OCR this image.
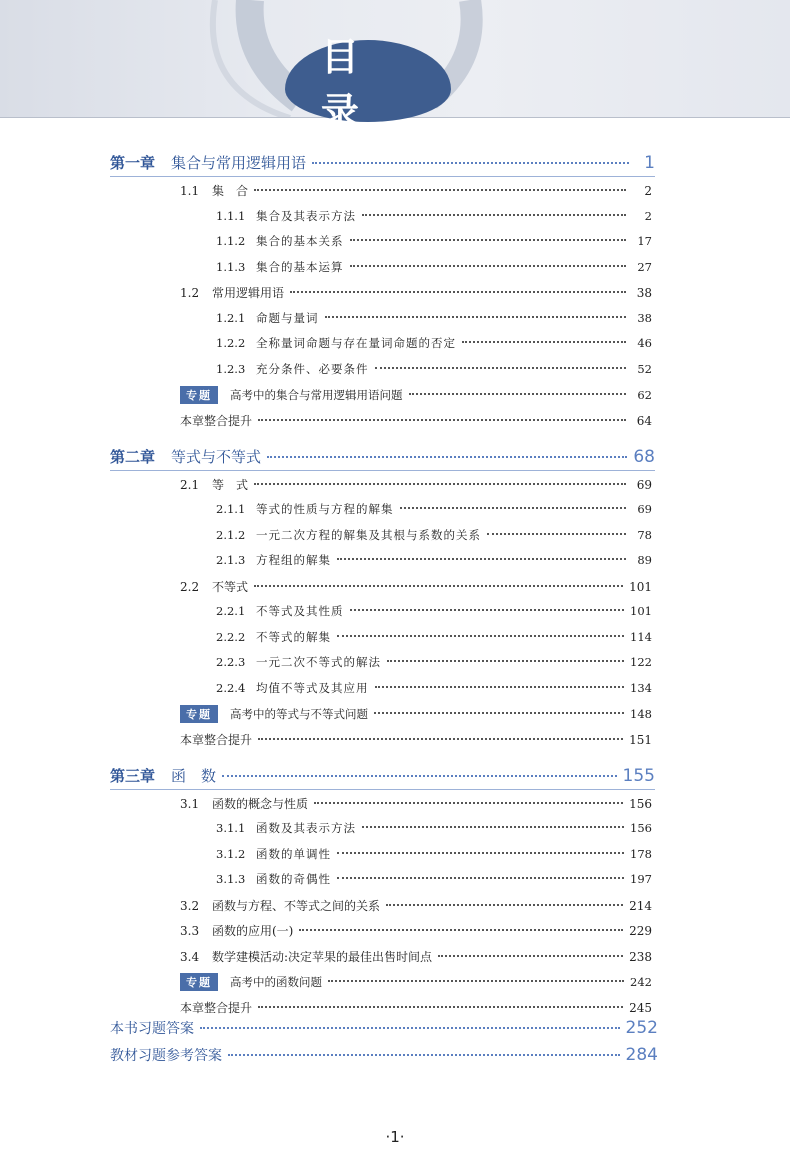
目 录
第一章 集合与常用逻辑用语	1
1.1	集　合	2
1.1.1 集合及其表示方法	2
1.1.2 集合的基本关系	17
1.1.3 集合的基本运算	27
1.2	常用逻辑用语	38
1.2.1 命题与量词	38
1.2.2 全称量词命题与存在量词命题的否定	46
1.2.3 充分条件、必要条件	52
专题	高考中的集合与常用逻辑用语问题	62
本章整合提升	64
第二章 等式与不等式	68
2.1	等　式	69
2.1.1 等式的性质与方程的解集	69
2.1.2 一元二次方程的解集及其根与系数的关系	78
2.1.3 方程组的解集	89
2.2	不等式	101
2.2.1 不等式及其性质	101
2.2.2 不等式的解集	114
2.2.3 一元二次不等式的解法	122
2.2.4 均值不等式及其应用	134
专题	高考中的等式与不等式问题	148
本章整合提升	151
第三章 函　数	155
3.1	函数的概念与性质	156
3.1.1 函数及其表示方法	156
3.1.2 函数的单调性	178
3.1.3 函数的奇偶性	197
3.2	函数与方程、不等式之间的关系	214
3.3	函数的应用(一)	229
3.4	数学建模活动:决定苹果的最佳出售时间点	238
专题	高考中的函数问题	242
本章整合提升	245
本书习题答案	252
教材习题参考答案	284
·1·
